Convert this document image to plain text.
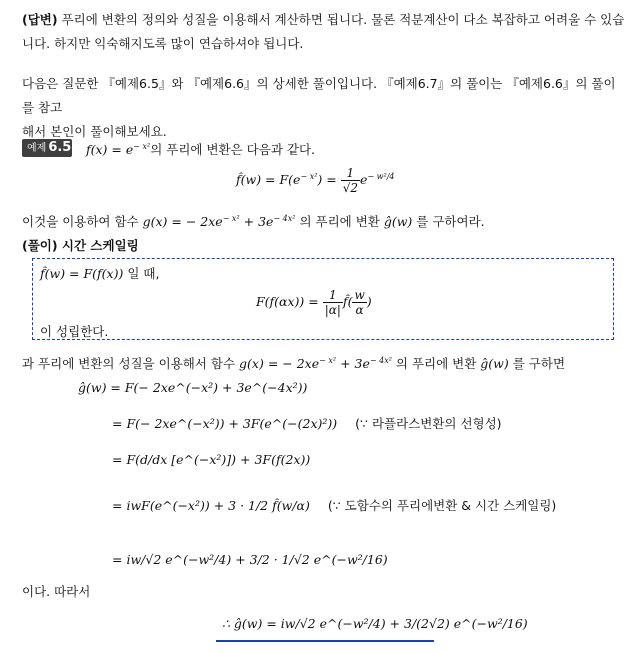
(답변) 푸리에 변환의 정의와 성질을 이용해서 계산하면 됩니다. 물론 적분계산이 다소 복잡하고 어려울 수 있습
니다. 하지만 익숙해지도록 많이 연습하셔야 됩니다.
다음은 질문한 『예제6.5』와 『예제6.6』의 상세한 풀이입니다. 『예제6.7』의 풀이는 『예제6.6』의 풀이를 참고
해서 본인이 풀이해보세요.
예제 6.5 $f(x) = e^{- x^2}$의 푸리에 변환은 다음과 같다.
f̂(w) = $F(e^{- x^2}) = \frac{1}{√2} e^{- w^2/4}$
이것을 이용하여 함수 g(x) = − $2xe^{- x^2} + 3e^{- 4x^2}$ 의 푸리에 변환 ĝ(w) 를 구하여라.
(풀이) 시간 스케일링
f̂(w) = F(f(x)) 일 때,
$F(f(\alpha x)) = \frac{1}{|\alpha|}$ f̂( $\frac{w}{\alpha}$ )
이 성립한다.
과 푸리에 변환의 성질을 이용해서 함수 g(x) = − $2xe^{- x^2} + 3e^{- 4x^2}$ 의 푸리에 변환 ĝ(w) 를 구하면
ĝ(w) = F(− 2xe^(−x²) + 3e^(−4x²))
= F(− 2xe^(−x²)) + 3F(e^(−(2x)²)) (∵ 라플라스변환의 선형성)
= F(d/dx [e^(−x²)]) + 3F(f(2x))
= iwF(e^(−x²)) + 3 · 1/2 f̂(w/α) (∵ 도함수의 푸리에변환 & 시간 스케일링)
= iw/√2 e^(−w²/4) + 3/2 · 1/√2 e^(−w²/16)
이다. 따라서
∴ ĝ(w) = iw/√2 e^(−w²/4) + 3/(2√2) e^(−w²/16)
